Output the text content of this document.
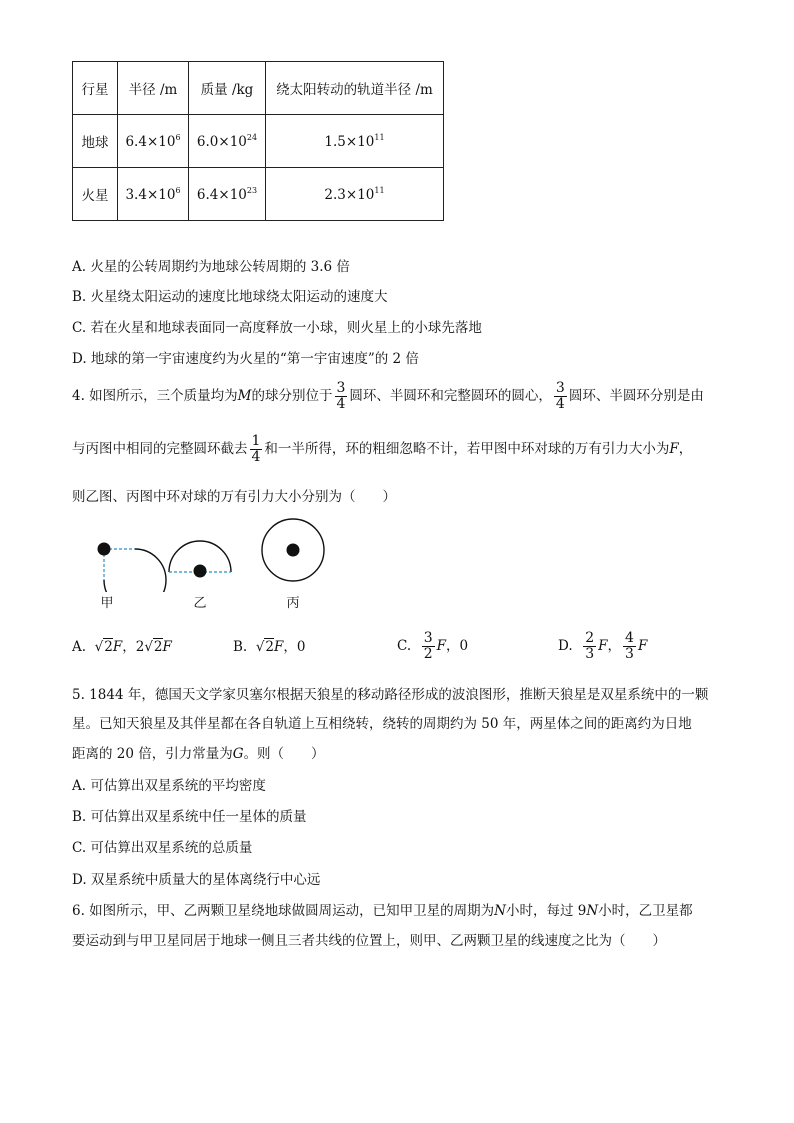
行星	半径 /m	质量 /kg	绕太阳转动的轨道半径 /m
地球	$6.4\times 10^6$	$6.0\times 10^{24}$	$1.5\times 10^{11}$
火星	$3.4\times 10^6$	$6.4\times 10^{23}$	$2.3\times 10^{11}$
A. 火星的公转周期约为地球公转周期的 3.6 倍
B. 火星绕太阳运动的速度比地球绕太阳运动的速度大
C. 若在火星和地球表面同一高度释放一小球，则火星上的小球先落地
D. 地球的第一宇宙速度约为火星的“第一宇宙速度”的 2 倍
4. 如图所示，三个质量均为M的球分别位于 $\frac{3}{4}$ 圆环、半圆环和完整圆环的圆心， $\frac{3}{4}$ 圆环、半圆环分别是由
与丙图中相同的完整圆环截去 $\frac{1}{4}$ 和一半所得，环的粗细忽略不计，若甲图中环对球的万有引力大小为F，
则乙图、丙图中环对球的万有引力大小分别为（　　）
甲	乙	丙
A. √2F，2√2F	B. √2F，0	C. $\frac{3}{2}$ F，0	D. $\frac{2}{3}$ F， $\frac{4}{3}$ F
5. 1844 年，德国天文学家贝塞尔根据天狼星的移动路径形成的波浪图形，推断天狼星是双星系统中的一颗
星。已知天狼星及其伴星都在各自轨道上互相绕转，绕转的周期约为 50 年，两星体之间的距离约为日地
距离的 20 倍，引力常量为G。则（　　）
A. 可估算出双星系统的平均密度
B. 可估算出双星系统中任一星体的质量
C. 可估算出双星系统的总质量
D. 双星系统中质量大的星体离绕行中心远
6. 如图所示，甲、乙两颗卫星绕地球做圆周运动，已知甲卫星的周期为N小时，每过 9N小时，乙卫星都
要运动到与甲卫星同居于地球一侧且三者共线的位置上，则甲、乙两颗卫星的线速度之比为（　　）
